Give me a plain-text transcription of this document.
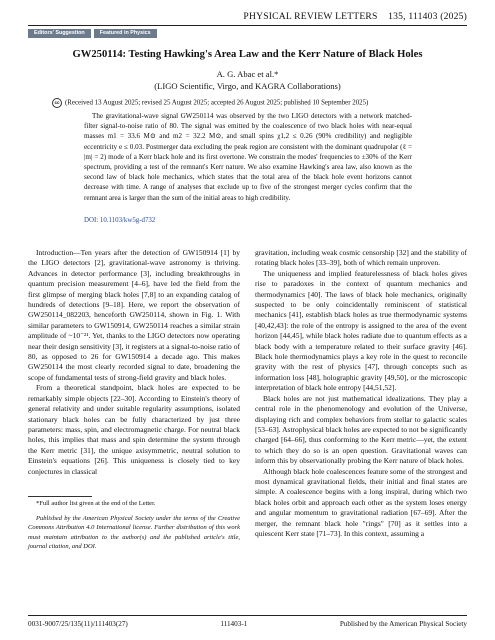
PHYSICAL REVIEW LETTERS 135, 111403 (2025)
Editors' Suggestion	Featured in Physics
GW250114: Testing Hawking's Area Law and the Kerr Nature of Black Holes
A. G. Abac et al.*
(LIGO Scientific, Virgo, and KAGRA Collaborations)
cc (Received 13 August 2025; revised 25 August 2025; accepted 26 August 2025; published 10 September 2025)
The gravitational-wave signal GW250114 was observed by the two LIGO detectors with a network matched-filter signal-to-noise ratio of 80. The signal was emitted by the coalescence of two black holes with near-equal masses m1 = 33.6 M⊙ and m2 = 32.2 M⊙, and small spins χ1,2 ≤ 0.26 (90% credibility) and negligible eccentricity e ≤ 0.03. Postmerger data excluding the peak region are consistent with the dominant quadrupolar (ℓ = |m| = 2) mode of a Kerr black hole and its first overtone. We constrain the modes' frequencies to ±30% of the Kerr spectrum, providing a test of the remnant's Kerr nature. We also examine Hawking's area law, also known as the second law of black hole mechanics, which states that the total area of the black hole event horizons cannot decrease with time. A range of analyses that exclude up to five of the strongest merger cycles confirm that the remnant area is larger than the sum of the initial areas to high credibility.
DOI: 10.1103/kw5g-d732

Introduction—Ten years after the detection of GW150914 [1] by the LIGO detectors [2], gravitational-wave astronomy is thriving. Advances in detector performance [3], including breakthroughs in quantum precision measurement [4–6], have led the field from the first glimpse of merging black holes [7,8] to an expanding catalog of hundreds of detections [9–18]. Here, we report the observation of GW250114_082203, henceforth GW250114, shown in Fig. 1. With similar parameters to GW150914, GW250114 reaches a similar strain amplitude of ~10⁻²¹. Yet, thanks to the LIGO detectors now operating near their design sensitivity [3], it registers at a signal-to-noise ratio of 80, as opposed to 26 for GW150914 a decade ago. This makes GW250114 the most clearly recorded signal to date, broadening the scope of fundamental tests of strong-field gravity and black holes.

From a theoretical standpoint, black holes are expected to be remarkably simple objects [22–30]. According to Einstein's theory of general relativity and under suitable regularity assumptions, isolated stationary black holes can be fully characterized by just three parameters: mass, spin, and electromagnetic charge. For neutral black holes, this implies that mass and spin determine the system through the Kerr metric [31], the unique axisymmetric, neutral solution to Einstein's equations [26]. This uniqueness is closely tied to key conjectures in classical

gravitation, including weak cosmic censorship [32] and the stability of rotating black holes [33–39], both of which remain unproven.

The uniqueness and implied featurelessness of black holes gives rise to paradoxes in the context of quantum mechanics and thermodynamics [40]. The laws of black hole mechanics, originally suspected to be only coincidentally reminiscent of statistical mechanics [41], establish black holes as true thermodynamic systems [40,42,43]: the role of the entropy is assigned to the area of the event horizon [44,45], while black holes radiate due to quantum effects as a black body with a temperature related to their surface gravity [46]. Black hole thermodynamics plays a key role in the quest to reconcile gravity with the rest of physics [47], through concepts such as information loss [48], holographic gravity [49,50], or the microscopic interpretation of black hole entropy [44,51,52].

Black holes are not just mathematical idealizations. They play a central role in the phenomenology and evolution of the Universe, displaying rich and complex behaviors from stellar to galactic scales [53–63]. Astrophysical black holes are expected to not be significantly charged [64–66], thus conforming to the Kerr metric—yet, the extent to which they do so is an open question. Gravitational waves can inform this by observationally probing the Kerr nature of black holes.

Although black hole coalescences feature some of the strongest and most dynamical gravitational fields, their initial and final states are simple. A coalescence begins with a long inspiral, during which two black holes orbit and approach each other as the system loses energy and angular momentum to gravitational radiation [67–69]. After the merger, the remnant black hole "rings" [70] as it settles into a quiescent Kerr state [71–73]. In this context, assuming a

*Full author list given at the end of the Letter.
Published by the American Physical Society under the terms of the Creative Commons Attribution 4.0 International license. Further distribution of this work must maintain attribution to the author(s) and the published article's title, journal citation, and DOI.
0031-9007/25/135(11)/111403(27)	111403-1	Published by the American Physical Society
